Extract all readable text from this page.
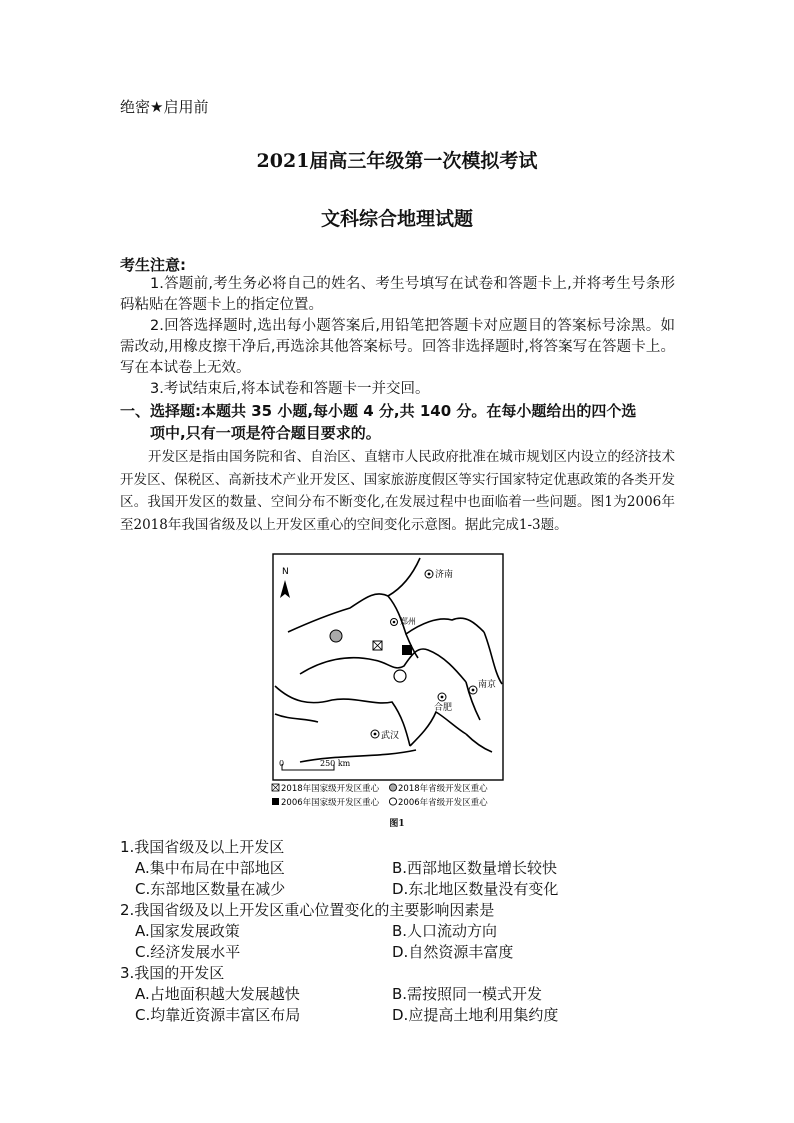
绝密★启用前
2021届高三年级第一次模拟考试
文科综合地理试题
考生注意:
1.答题前,考生务必将自己的姓名、考生号填写在试卷和答题卡上,并将考生号条形码粘贴在答题卡上的指定位置。
2.回答选择题时,选出每小题答案后,用铅笔把答题卡对应题目的答案标号涂黑。如需改动,用橡皮擦干净后,再选涂其他答案标号。回答非选择题时,将答案写在答题卡上。写在本试卷上无效。
3.考试结束后,将本试卷和答题卡一并交回。
一、选择题:本题共 35 小题,每小题 4 分,共 140 分。在每小题给出的四个选
项中,只有一项是符合题目要求的。
开发区是指由国务院和省、自治区、直辖市人民政府批准在城市规划区内设立的经济技术开发区、保税区、高新技术产业开发区、国家旅游度假区等实行国家特定优惠政策的各类开发区。我国开发区的数量、空间分布不断变化,在发展过程中也面临着一些问题。图1为2006年至2018年我国省级及以上开发区重心的空间变化示意图。据此完成1-3题。
N	济南
郑州
南京
合肥
武汉
0	250 km
2018年国家级开发区重心 2018年省级开发区重心
2006年国家级开发区重心 2006年省级开发区重心
图1
1.我国省级及以上开发区
A.集中布局在中部地区	B.西部地区数量增长较快
C.东部地区数量在减少	D.东北地区数量没有变化
2.我国省级及以上开发区重心位置变化的主要影响因素是
A.国家发展政策	B.人口流动方向
C.经济发展水平	D.自然资源丰富度
3.我国的开发区
A.占地面积越大发展越快	B.需按照同一模式开发
C.均靠近资源丰富区布局	D.应提高土地利用集约度
